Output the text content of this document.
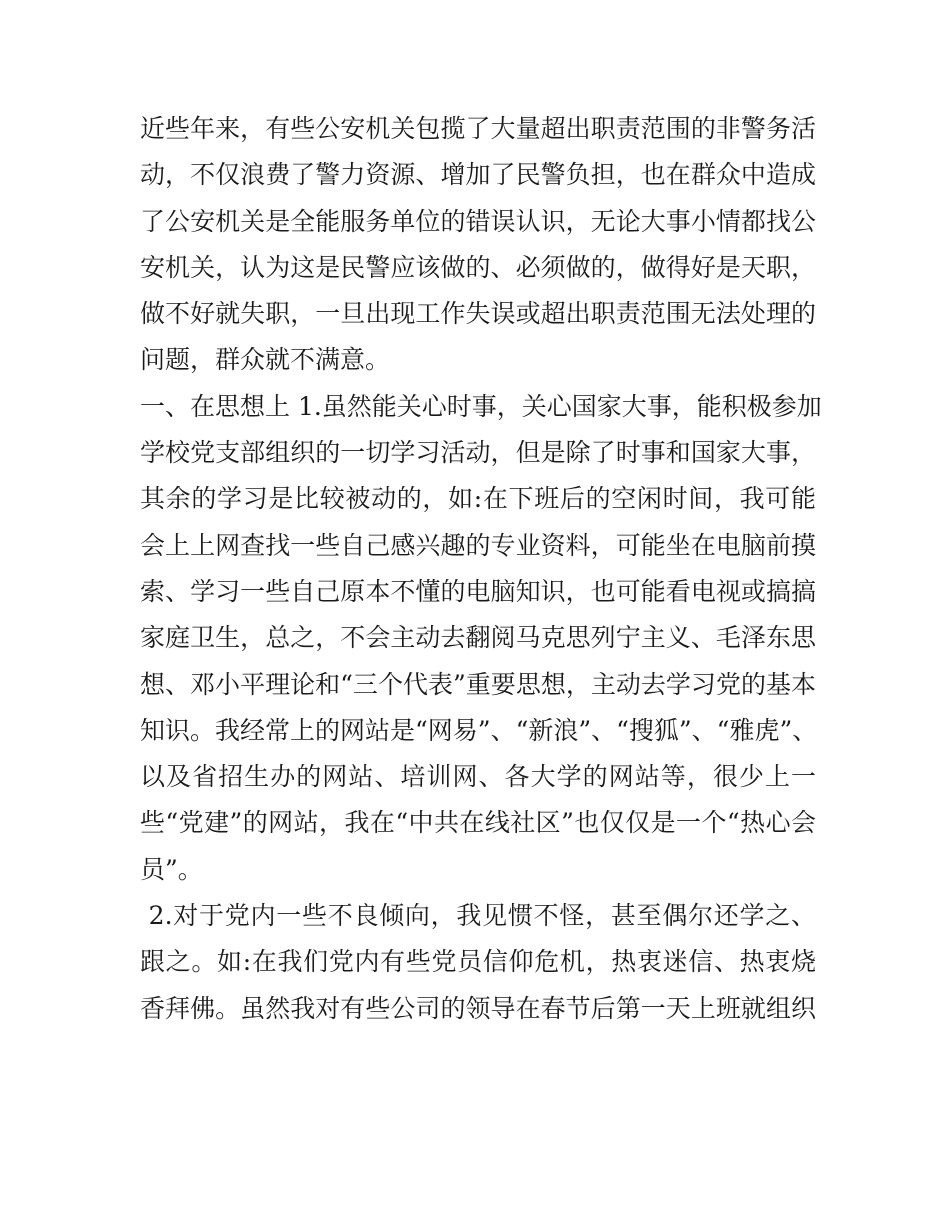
近些年来，有些公安机关包揽了大量超出职责范围的非警务活
动，不仅浪费了警力资源、增加了民警负担，也在群众中造成
了公安机关是全能服务单位的错误认识，无论大事小情都找公
安机关，认为这是民警应该做的、必须做的，做得好是天职，
做不好就失职，一旦出现工作失误或超出职责范围无法处理的
问题，群众就不满意。
一、在思想上 1.虽然能关心时事，关心国家大事，能积极参加
学校党支部组织的一切学习活动，但是除了时事和国家大事，
其余的学习是比较被动的，如:在下班后的空闲时间，我可能
会上上网查找一些自己感兴趣的专业资料，可能坐在电脑前摸
索、学习一些自己原本不懂的电脑知识，也可能看电视或搞搞
家庭卫生，总之，不会主动去翻阅马克思列宁主义、毛泽东思
想、邓小平理论和“三个代表”重要思想，主动去学习党的基本
知识。我经常上的网站是“网易”、“新浪”、“搜狐”、“雅虎”、
以及省招生办的网站、培训网、各大学的网站等，很少上一
些“党建”的网站，我在“中共在线社区”也仅仅是一个“热心会
员”。
2.对于党内一些不良倾向，我见惯不怪，甚至偶尔还学之、
跟之。如:在我们党内有些党员信仰危机，热衷迷信、热衷烧
香拜佛。虽然我对有些公司的领导在春节后第一天上班就组织
